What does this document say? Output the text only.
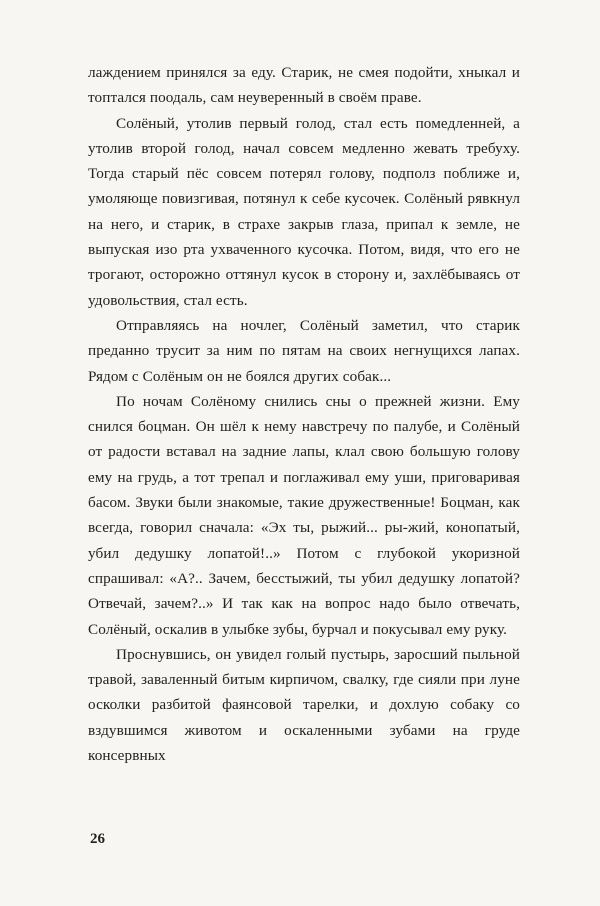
лаждением принялся за еду. Старик, не смея подойти, хныкал и топтался поодаль, сам неуверенный в своём праве.

Солёный, утолив первый голод, стал есть помедленней, а утолив второй голод, начал совсем медленно жевать требуху. Тогда старый пёс совсем потерял голову, подполз поближе и, умоляюще повизгивая, потянул к себе кусочек. Солёный рявкнул на него, и старик, в страхе закрыв глаза, припал к земле, не выпуская изо рта ухваченного кусочка. Потом, видя, что его не трогают, осторожно оттянул кусок в сторону и, захлёбываясь от удовольствия, стал есть.

Отправляясь на ночлег, Солёный заметил, что старик преданно трусит за ним по пятам на своих негнущихся лапах. Рядом с Солёным он не боялся других собак...

По ночам Солёному снились сны о прежней жизни. Ему снился боцман. Он шёл к нему навстречу по палубе, и Солёный от радости вставал на задние лапы, клал свою большую голову ему на грудь, а тот трепал и поглаживал ему уши, приговаривая басом. Звуки были знакомые, такие дружественные! Боцман, как всегда, говорил сначала: «Эх ты, рыжий... ры-жий, конопатый, убил дедушку лопатой!..» Потом с глубокой укоризной спрашивал: «А?.. Зачем, бесстыжий, ты убил дедушку лопатой? Отвечай, зачем?..» И так как на вопрос надо было отвечать, Солёный, оскалив в улыбке зубы, бурчал и покусывал ему руку.

Проснувшись, он увидел голый пустырь, заросший пыльной травой, заваленный битым кирпичом, свалку, где сияли при луне осколки разбитой фаянсовой тарелки, и дохлую собаку со вздувшимся животом и оскаленными зубами на груде консервных

26
